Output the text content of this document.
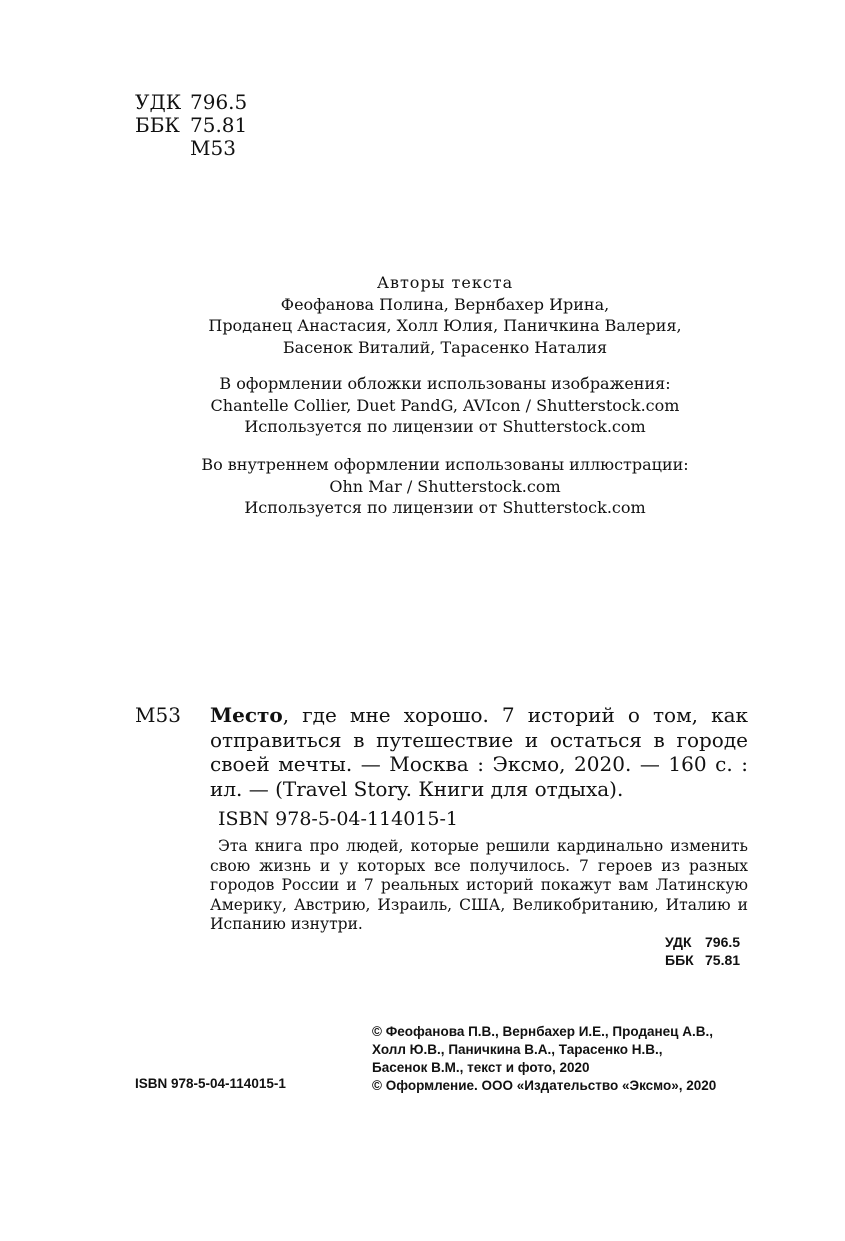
УДК 796.5
ББК 75.81
М53
Авторы текста
Феофанова Полина, Вернбахер Ирина,
Проданец Анастасия, Холл Юлия, Паничкина Валерия,
Басенок Виталий, Тарасенко Наталия
В оформлении обложки использованы изображения:
Chantelle Collier, Duet PandG, AVIcon / Shutterstock.com
Используется по лицензии от Shutterstock.com
Во внутреннем оформлении использованы иллюстрации:
Ohn Mar / Shutterstock.com
Используется по лицензии от Shutterstock.com
М53 Место, где мне хорошо. 7 историй о том, как отправиться в путешествие и остаться в городе своей мечты. — Москва : Эксмо, 2020. — 160 с. : ил. — (Travel Story. Книги для отдыха).
ISBN 978-5-04-114015-1
Эта книга про людей, которые решили кардинально изменить свою жизнь и у которых все получилось. 7 героев из разных городов России и 7 реальных историй покажут вам Латинскую Америку, Австрию, Израиль, США, Великобританию, Италию и Испанию изнутри.
УДК 796.5
ББК 75.81
© Феофанова П.В., Вернбахер И.Е., Проданец А.В.,
Холл Ю.В., Паничкина В.А., Тарасенко Н.В.,
Басенок В.М., текст и фото, 2020
© Оформление. ООО «Издательство «Эксмо», 2020
ISBN 978-5-04-114015-1
